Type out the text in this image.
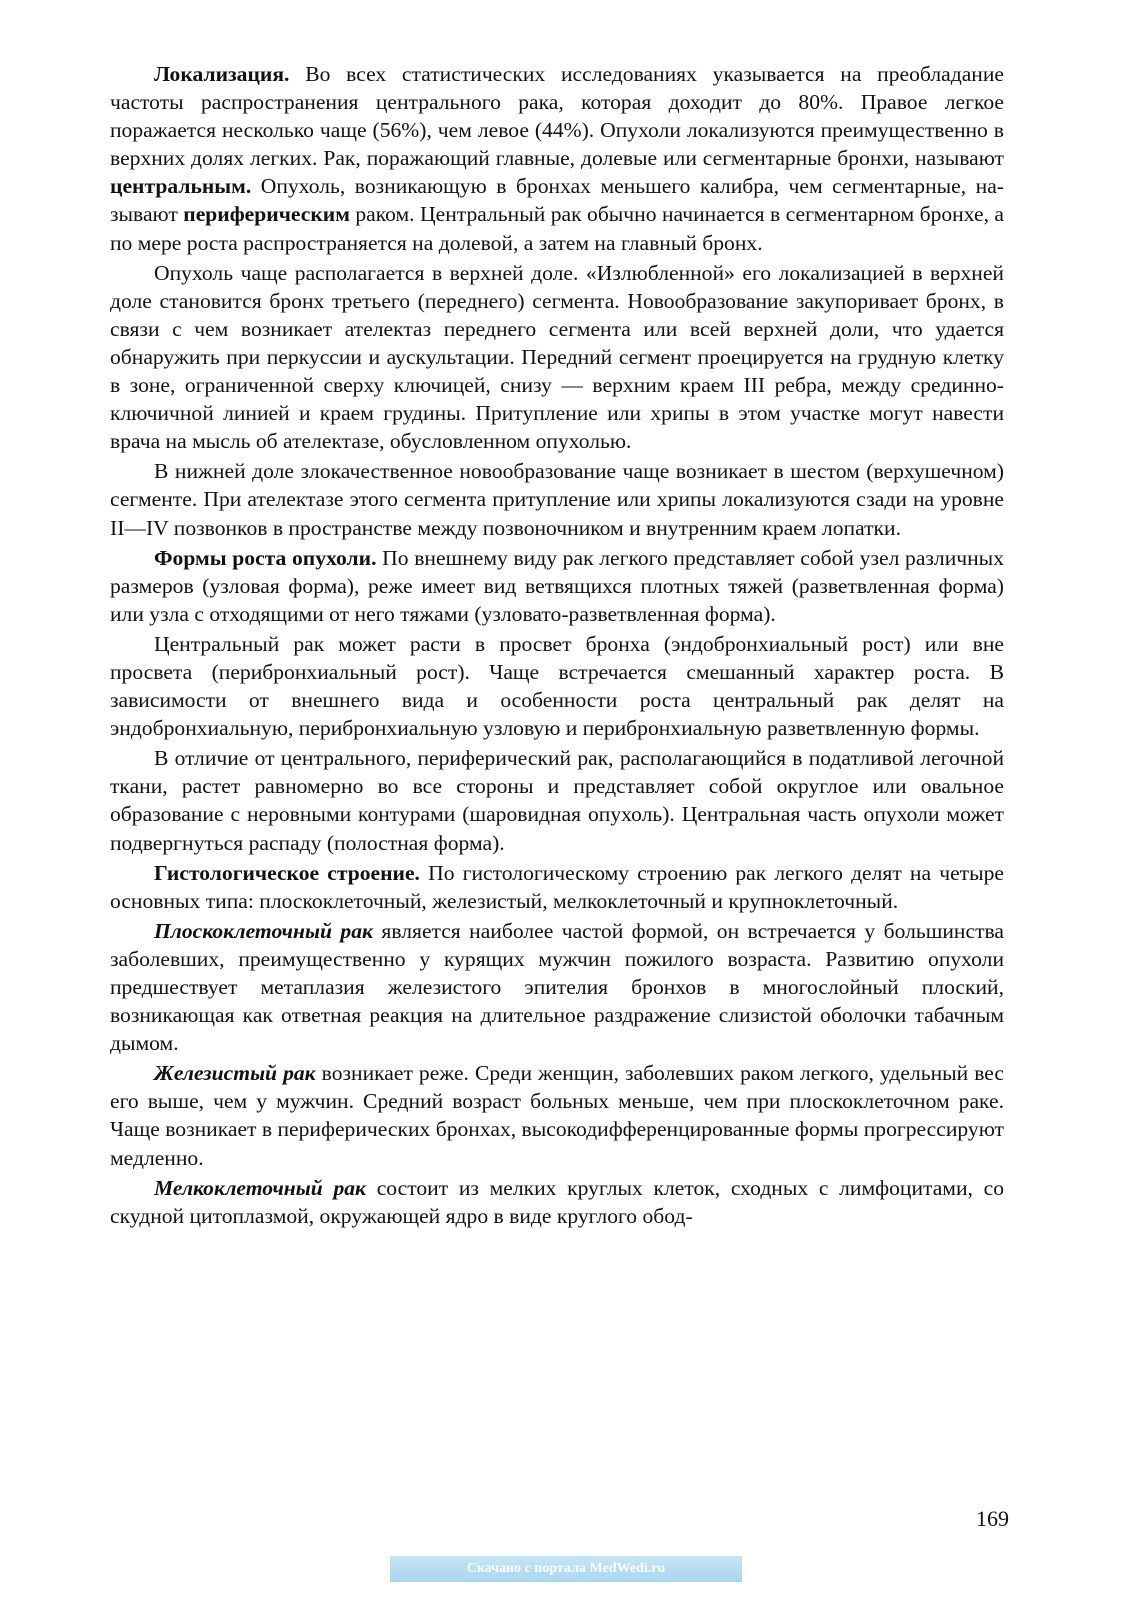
Локализация. Во всех статистических исследованиях указывается на преобладание частоты распространения центрального рака, которая доходит до 80%. Правое легкое поражается несколько чаще (56%), чем левое (44%). Опухоли локализуются преимущественно в верхних долях легких. Рак, поражающий главные, долевые или сегментарные бронхи, называют центральным. Опухоль, возникающую в бронхах меньшего калибра, чем сегментарные, называют периферическим раком. Центральный рак обычно начинается в сегментарном бронхе, а по мере роста распространяется на долевой, а затем на главный бронх.

Опухоль чаще располагается в верхней доле. «Излюбленной» его локализацией в верхней доле становится бронх третьего (переднего) сегмента. Новообразование закупоривает бронх, в связи с чем возникает ателектаз переднего сегмента или всей верхней доли, что удается обнаружить при перкуссии и аускультации. Передний сегмент проецируется на грудную клетку в зоне, ограниченной сверху ключицей, снизу — верхним краем III ребра, между срединно-ключичной линией и краем грудины. Притупление или хрипы в этом участке могут навести врача на мысль об ателектазе, обусловленном опухолью.

В нижней доле злокачественное новообразование чаще возникает в шестом (верхушечном) сегменте. При ателектазе этого сегмента притупление или хрипы локализуются сзади на уровне II—IV позвонков в пространстве между позвоночником и внутренним краем лопатки.

Формы роста опухоли. По внешнему виду рак легкого представляет собой узел различных размеров (узловая форма), реже имеет вид ветвящихся плотных тяжей (разветвленная форма) или узла с отходящими от него тяжами (узловато-разветвленная форма).

Центральный рак может расти в просвет бронха (эндобронхиальный рост) или вне просвета (перибронхиальный рост). Чаще встречается смешанный характер роста. В зависимости от внешнего вида и особенности роста центральный рак делят на эндобронхиальную, перибронхиальную узловую и перибронхиальную разветвленную формы.

В отличие от центрального, периферический рак, располагающийся в податливой легочной ткани, растет равномерно во все стороны и представляет собой округлое или овальное образование с неровными контурами (шаровидная опухоль). Центральная часть опухоли может подвергнуться распаду (полостная форма).

Гистологическое строение. По гистологическому строению рак легкого делят на четыре основных типа: плоскоклеточный, железистый, мелкоклеточный и крупноклеточный.

Плоскоклеточный рак является наиболее частой формой, он встречается у большинства заболевших, преимущественно у курящих мужчин пожилого возраста. Развитию опухоли предшествует метаплазия железистого эпителия бронхов в многослойный плоский, возникающая как ответная реакция на длительное раздражение слизистой оболочки табачным дымом.

Железистый рак возникает реже. Среди женщин, заболевших раком легкого, удельный вес его выше, чем у мужчин. Средний возраст больных меньше, чем при плоскоклеточном раке. Чаще возникает в периферических бронхах, высокодифференцированные формы прогрессируют медленно.

Мелкоклеточный рак состоит из мелких круглых клеток, сходных с лимфоцитами, со скудной цитоплазмой, окружающей ядро в виде круглого обод-

169
Скачано с портала MedWedi.ru
